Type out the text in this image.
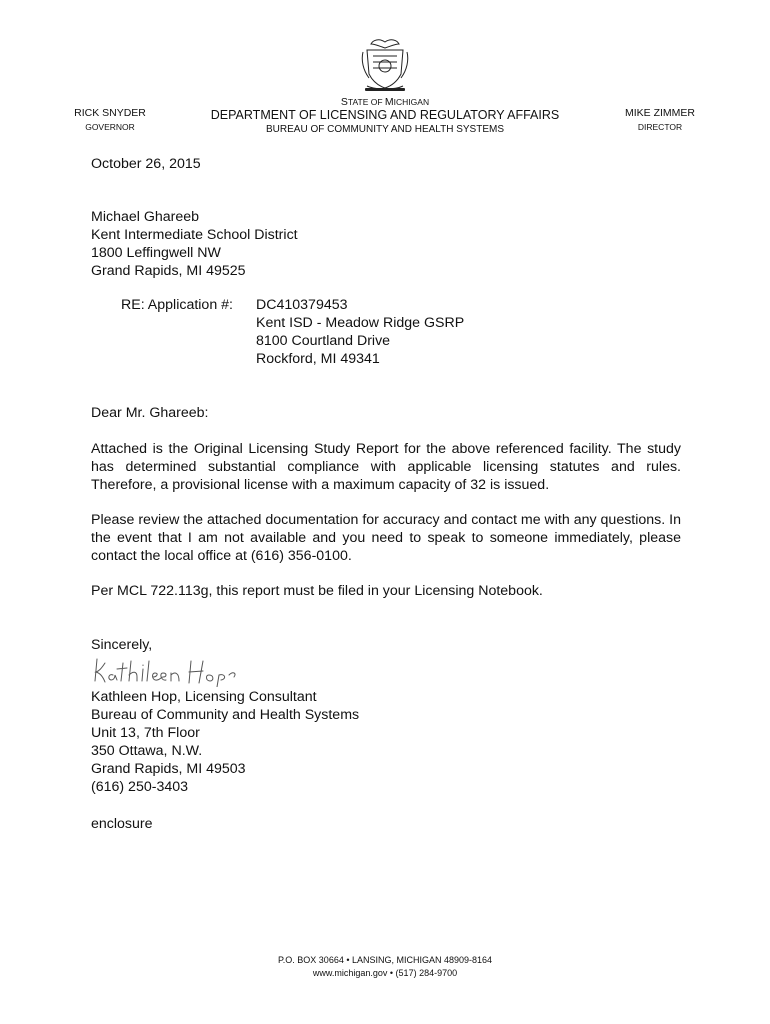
STATE OF MICHIGAN
DEPARTMENT OF LICENSING AND REGULATORY AFFAIRS
BUREAU OF COMMUNITY AND HEALTH SYSTEMS
RICK SNYDER
GOVERNOR
MIKE ZIMMER
DIRECTOR
October 26, 2015
Michael Ghareeb
Kent Intermediate School District
1800 Leffingwell NW
Grand Rapids, MI 49525
RE: Application #: DC410379453
Kent ISD - Meadow Ridge GSRP
8100 Courtland Drive
Rockford, MI 49341
Dear Mr. Ghareeb:
Attached is the Original Licensing Study Report for the above referenced facility. The study has determined substantial compliance with applicable licensing statutes and rules. Therefore, a provisional license with a maximum capacity of 32 is issued.
Please review the attached documentation for accuracy and contact me with any questions. In the event that I am not available and you need to speak to someone immediately, please contact the local office at (616) 356-0100.
Per MCL 722.113g, this report must be filed in your Licensing Notebook.
Sincerely,
Kathleen Hop, Licensing Consultant
Bureau of Community and Health Systems
Unit 13, 7th Floor
350 Ottawa, N.W.
Grand Rapids, MI 49503
(616) 250-3403
enclosure
P.O. BOX 30664 • LANSING, MICHIGAN 48909-8164
www.michigan.gov • (517) 284-9700
